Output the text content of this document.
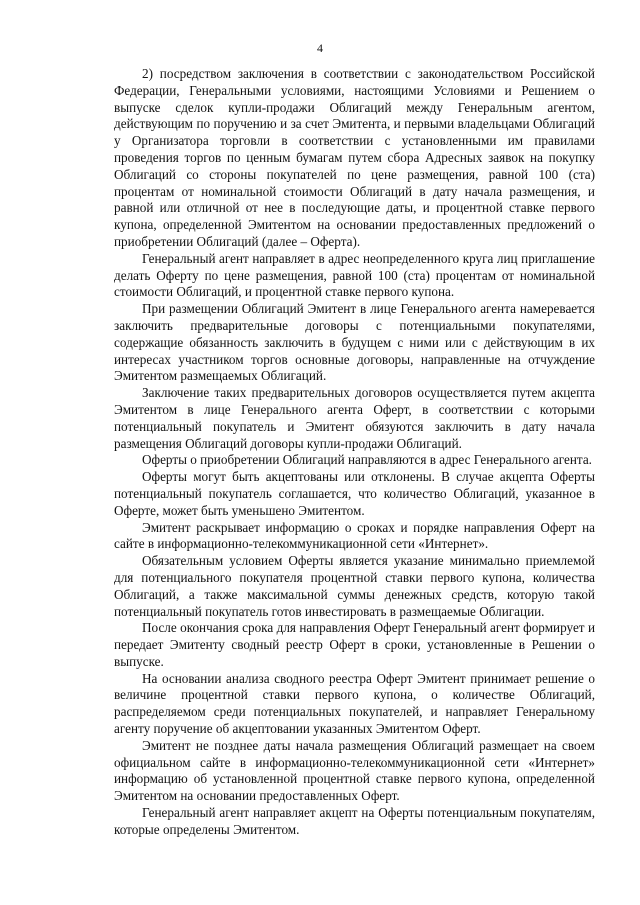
4

2) посредством заключения в соответствии с законодательством Российской Федерации, Генеральными условиями, настоящими Условиями и Решением о выпуске сделок купли-продажи Облигаций между Генеральным агентом, действующим по поручению и за счет Эмитента, и первыми владельцами Облигаций у Организатора торговли в соответствии с установленными им правилами проведения торгов по ценным бумагам путем сбора Адресных заявок на покупку Облигаций со стороны покупателей по цене размещения, равной 100 (ста) процентам от номинальной стоимости Облигаций в дату начала размещения, и равной или отличной от нее в последующие даты, и процентной ставке первого купона, определенной Эмитентом на основании предоставленных предложений о приобретении Облигаций (далее – Оферта).

Генеральный агент направляет в адрес неопределенного круга лиц приглашение делать Оферту по цене размещения, равной 100 (ста) процентам от номинальной стоимости Облигаций, и процентной ставке первого купона.

При размещении Облигаций Эмитент в лице Генерального агента намеревается заключить предварительные договоры с потенциальными покупателями, содержащие обязанность заключить в будущем с ними или с действующим в их интересах участником торгов основные договоры, направленные на отчуждение Эмитентом размещаемых Облигаций.

Заключение таких предварительных договоров осуществляется путем акцепта Эмитентом в лице Генерального агента Оферт, в соответствии с которыми потенциальный покупатель и Эмитент обязуются заключить в дату начала размещения Облигаций договоры купли-продажи Облигаций.

Оферты о приобретении Облигаций направляются в адрес Генерального агента.

Оферты могут быть акцептованы или отклонены. В случае акцепта Оферты потенциальный покупатель соглашается, что количество Облигаций, указанное в Оферте, может быть уменьшено Эмитентом.

Эмитент раскрывает информацию о сроках и порядке направления Оферт на сайте в информационно-телекоммуникационной сети «Интернет».

Обязательным условием Оферты является указание минимально приемлемой для потенциального покупателя процентной ставки первого купона, количества Облигаций, а также максимальной суммы денежных средств, которую такой потенциальный покупатель готов инвестировать в размещаемые Облигации.

После окончания срока для направления Оферт Генеральный агент формирует и передает Эмитенту сводный реестр Оферт в сроки, установленные в Решении о выпуске.

На основании анализа сводного реестра Оферт Эмитент принимает решение о величине процентной ставки первого купона, о количестве Облигаций, распределяемом среди потенциальных покупателей, и направляет Генеральному агенту поручение об акцептовании указанных Эмитентом Оферт.

Эмитент не позднее даты начала размещения Облигаций размещает на своем официальном сайте в информационно-телекоммуникационной сети «Интернет» информацию об установленной процентной ставке первого купона, определенной Эмитентом на основании предоставленных Оферт.

Генеральный агент направляет акцепт на Оферты потенциальным покупателям, которые определены Эмитентом.
